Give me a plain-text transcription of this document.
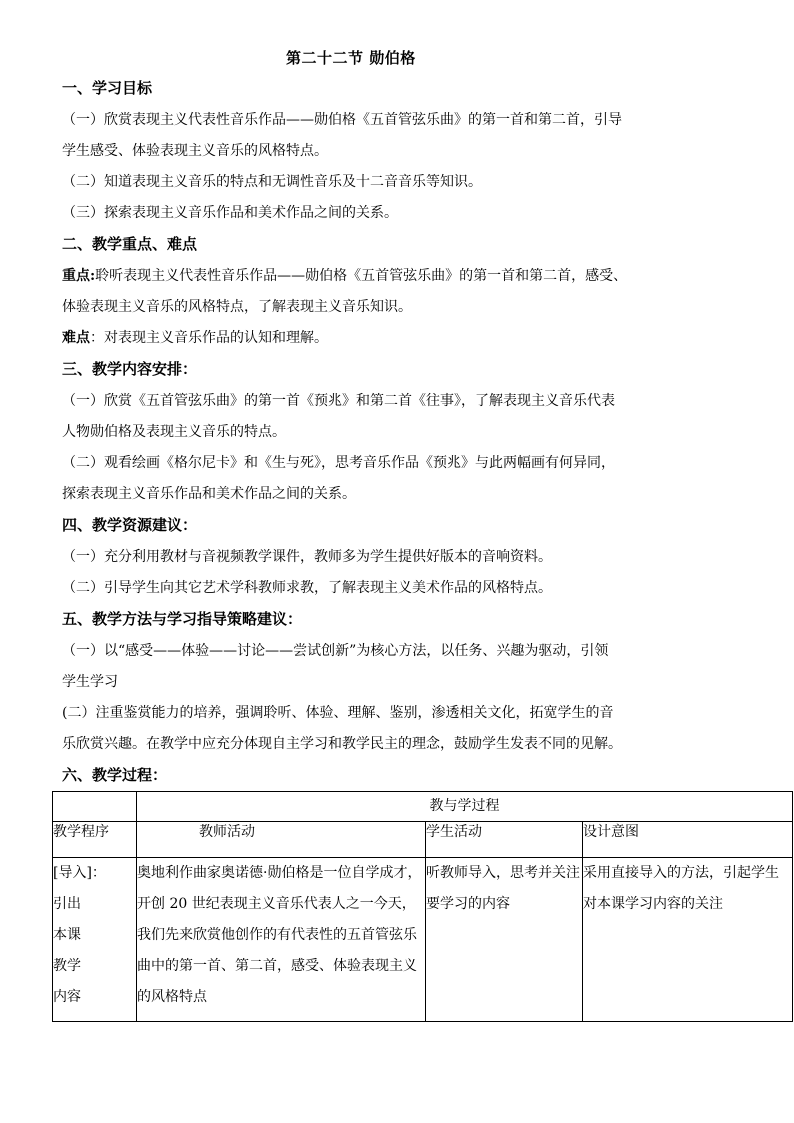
第二十二节 勋伯格
一、学习目标
（一）欣赏表现主义代表性音乐作品——勋伯格《五首管弦乐曲》的第一首和第二首，引导
学生感受、体验表现主义音乐的风格特点。
（二）知道表现主义音乐的特点和无调性音乐及十二音音乐等知识。
（三）探索表现主义音乐作品和美术作品之间的关系。
二、教学重点、难点
重点:聆听表现主义代表性音乐作品——勋伯格《五首管弦乐曲》的第一首和第二首，感受、
体验表现主义音乐的风格特点，了解表现主义音乐知识。
难点：对表现主义音乐作品的认知和理解。
三、教学内容安排：
（一）欣赏《五首管弦乐曲》的第一首《预兆》和第二首《往事》，了解表现主义音乐代表
人物勋伯格及表现主义音乐的特点。
（二）观看绘画《格尔尼卡》和《生与死》，思考音乐作品《预兆》与此两幅画有何异同，
探索表现主义音乐作品和美术作品之间的关系。
四、教学资源建议：
（一）充分利用教材与音视频教学课件，教师多为学生提供好版本的音响资料。
（二）引导学生向其它艺术学科教师求教，了解表现主义美术作品的风格特点。
五、教学方法与学习指导策略建议：
（一）以“感受——体验——讨论——尝试创新”为核心方法，以任务、兴趣为驱动，引领
学生学习
(二）注重鉴赏能力的培养，强调聆听、体验、理解、鉴别，渗透相关文化，拓宽学生的音
乐欣赏兴趣。在教学中应充分体现自主学习和教学民主的理念，鼓励学生发表不同的见解。
六、教学过程：
	教与学过程		
教学程序	教师活动	学生活动	设计意图

[导入]：
引出
本课
教学
内容	奥地利作曲家奥诺德·勋伯格是一位自学成才，开创 20 世纪表现主义音乐代表人之一今天，我们先来欣赏他创作的有代表性的五首管弦乐曲中的第一首、第二首，感受、体验表现主义的风格特点	听教师导入，思考并关注要学习的内容	采用直接导入的方法，引起学生对本课学习内容的关注
